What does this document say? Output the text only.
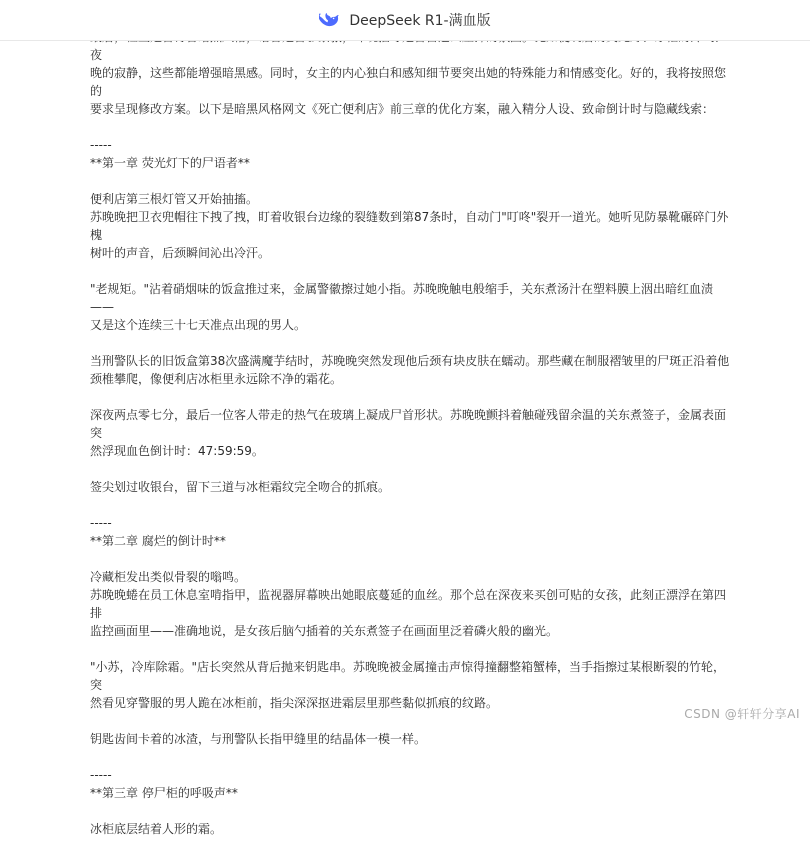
DeepSeek R1-满血版

夜
晚的寂静，这些都能增强暗黑感。同时，女主的内心独白和感知细节要突出她的特殊能力和情感变化。好的，我将按照您的
要求呈现修改方案。以下是暗黑风格网文《死亡便利店》前三章的优化方案，融入精分人设、致命倒计时与隐藏线索：

-----

**第一章 荧光灯下的尸语者**

便利店第三根灯管又开始抽搐。
苏晚晚把卫衣兜帽往下拽了拽，盯着收银台边缘的裂缝数到第87条时，自动门"叮咚"裂开一道光。她听见防暴靴碾碎门外槐
树叶的声音，后颈瞬间沁出冷汗。

"老规矩。"沾着硝烟味的饭盒推过来，金属警徽擦过她小指。苏晚晚触电般缩手，关东煮汤汁在塑料膜上洇出暗红血渍——
又是这个连续三十七天准点出现的男人。

当刑警队长的旧饭盒第38次盛满魔芋结时，苏晚晚突然发现他后颈有块皮肤在蠕动。那些藏在制服褶皱里的尸斑正沿着他
颈椎攀爬，像便利店冰柜里永远除不净的霜花。

深夜两点零七分，最后一位客人带走的热气在玻璃上凝成尸首形状。苏晚晚颤抖着触碰残留余温的关东煮签子，金属表面突
然浮现血色倒计时：47:59:59。

签尖划过收银台，留下三道与冰柜霜纹完全吻合的抓痕。

-----

**第二章 腐烂的倒计时**

冷藏柜发出类似骨裂的嗡鸣。
苏晚晚蜷在员工休息室啃指甲，监视器屏幕映出她眼底蔓延的血丝。那个总在深夜来买创可贴的女孩，此刻正漂浮在第四排
监控画面里——准确地说，是女孩后脑勺插着的关东煮签子在画面里泛着磷火般的幽光。

"小苏，冷库除霜。"店长突然从背后抛来钥匙串。苏晚晚被金属撞击声惊得撞翻整箱蟹棒，当手指擦过某根断裂的竹轮，突
然看见穿警服的男人跪在冰柜前，指尖深深抠进霜层里那些黏似抓痕的纹路。

钥匙齿间卡着的冰渣，与刑警队长指甲缝里的结晶体一模一样。

-----

**第三章 停尸柜的呼吸声**

冰柜底层结着人形的霜。

CSDN @轩轩分享AI
